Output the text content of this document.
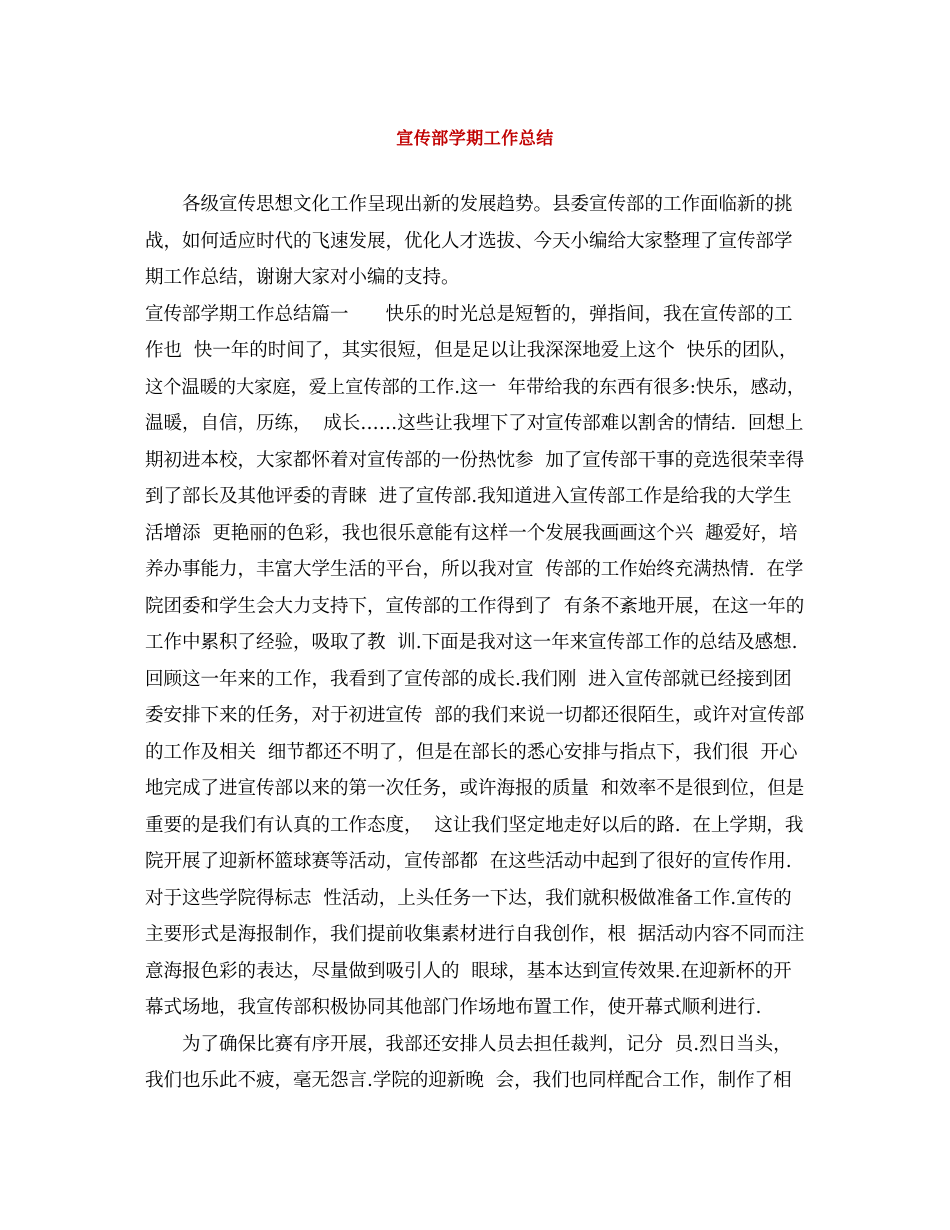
宣传部学期工作总结
　　各级宣传思想文化工作呈现出新的发展趋势。县委宣传部的工作面临新的挑
战，如何适应时代的飞速发展，优化人才选拔、今天小编给大家整理了宣传部学
期工作总结，谢谢大家对小编的支持。
宣传部学期工作总结篇一　　快乐的时光总是短暂的，弹指间，我在宣传部的工
作也  快一年的时间了，其实很短，但是足以让我深深地爱上这个  快乐的团队，
这个温暖的大家庭，爱上宣传部的工作.这一  年带给我的东西有很多:快乐，感动，
温暖，自信，历练，  成长……这些让我埋下了对宣传部难以割舍的情结.  回想上
期初进本校，大家都怀着对宣传部的一份热忱参  加了宣传部干事的竞选很荣幸得
到了部长及其他评委的青睐  进了宣传部.我知道进入宣传部工作是给我的大学生
活增添  更艳丽的色彩，我也很乐意能有这样一个发展我画画这个兴  趣爱好，培
养办事能力，丰富大学生活的平台，所以我对宣  传部的工作始终充满热情.  在学
院团委和学生会大力支持下，宣传部的工作得到了  有条不紊地开展，在这一年的
工作中累积了经验，吸取了教  训.下面是我对这一年来宣传部工作的总结及感想.
回顾这一年来的工作，我看到了宣传部的成长.我们刚  进入宣传部就已经接到团
委安排下来的任务，对于初进宣传  部的我们来说一切都还很陌生，或许对宣传部
的工作及相关  细节都还不明了，但是在部长的悉心安排与指点下，我们很  开心
地完成了进宣传部以来的第一次任务，或许海报的质量  和效率不是很到位，但是
重要的是我们有认真的工作态度，  这让我们坚定地走好以后的路.  在上学期，我
院开展了迎新杯篮球赛等活动，宣传部都  在这些活动中起到了很好的宣传作用.
对于这些学院得标志  性活动，上头任务一下达，我们就积极做准备工作.宣传的
主要形式是海报制作，我们提前收集素材进行自我创作，根  据活动内容不同而注
意海报色彩的表达，尽量做到吸引人的  眼球，基本达到宣传效果.在迎新杯的开
幕式场地，我宣传部积极协同其他部门作场地布置工作，使开幕式顺利进行.
　　为了确保比赛有序开展，我部还安排人员去担任裁判，记分  员.烈日当头，
我们也乐此不疲，毫无怨言.学院的迎新晚  会，我们也同样配合工作，制作了相
